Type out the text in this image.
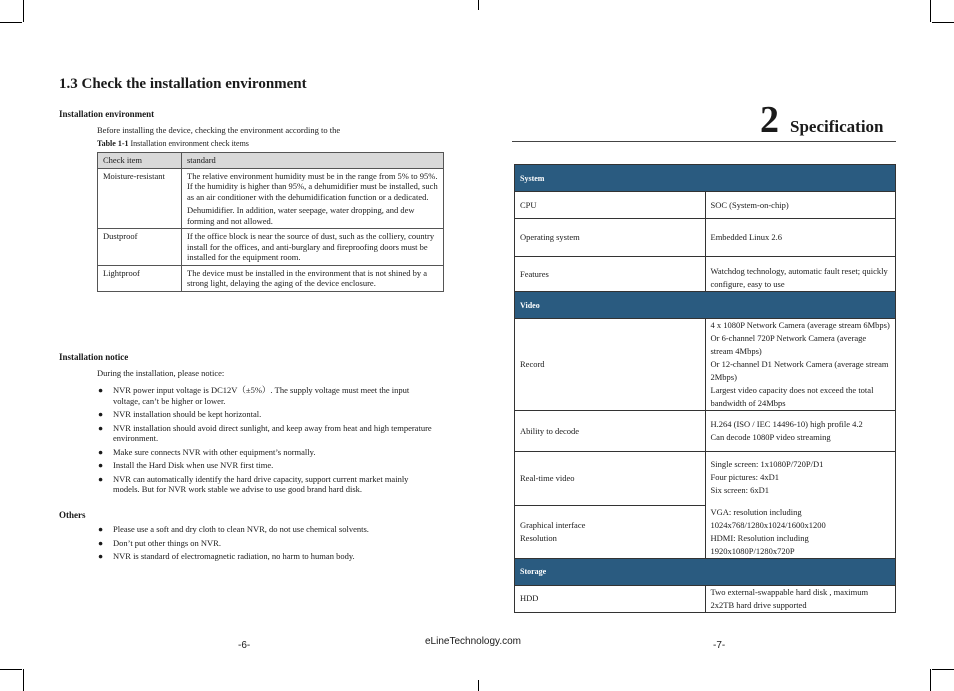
1.3 Check the installation environment
Installation environment
Before installing the device, checking the environment according to the
Table 1-1 Installation environment check items
Check item	standard
Moisture-resistant	The relative environment humidity must be in the range from 5% to 95%. If the humidity is higher than 95%, a dehumidifier must be installed, such as an air conditioner with the dehumidification function or a dedicated.

Dehumidifier. In addition, water seepage, water dropping, and dew forming and not allowed.

Dustproof	If the office block is near the source of dust, such as the colliery, country install for the offices, and anti-burglary and fireproofing doors must be installed for the equipment room.
Lightproof	The device must be installed in the environment that is not shined by a strong light, delaying the aging of the device enclosure.
Installation notice
During the installation, please notice:
● NVR power input voltage is DC12V（±5%）. The supply voltage must meet the input voltage, can’t be higher or lower.
● NVR installation should be kept horizontal.
● NVR installation should avoid direct sunlight, and keep away from heat and high temperature environment.
● Make sure connects NVR with other equipment’s normally.
● Install the Hard Disk when use NVR first time.
● NVR can automatically identify the hard drive capacity, support current market mainly models. But for NVR work stable we advise to use good brand hard disk.
Others
● Please use a soft and dry cloth to clean NVR, do not use chemical solvents.
● Don’t put other things on NVR.
● NVR is standard of electromagnetic radiation, no harm to human body.
-6-	eLineTechnology.com	-7-
2 Specification
System	
CPU	SOC (System-on-chip)
Operating system	Embedded Linux 2.6
Features	Watchdog technology, automatic fault reset; quickly configure, easy to use
Video	
Record	4 x 1080P Network Camera (average stream 6Mbps)
Or 6-channel 720P Network Camera (average stream 4Mbps)
Or 12-channel D1 Network Camera (average stream 2Mbps)
Largest video capacity does not exceed the total bandwidth of 24Mbps

Ability to decode	H.264 (ISO / IEC 14496-10) high profile 4.2
Can decode 1080P video streaming

Real-time video	Single screen: 1x1080P/720P/D1
Four pictures: 4xD1
Six screen: 6xD1

Graphical interface
Resolution	VGA: resolution including 1024x768/1280x1024/1600x1200
HDMI: Resolution including 1920x1080P/1280x720P

Storage	
HDD	Two external-swappable hard disk , maximum 2x2TB hard drive supported
